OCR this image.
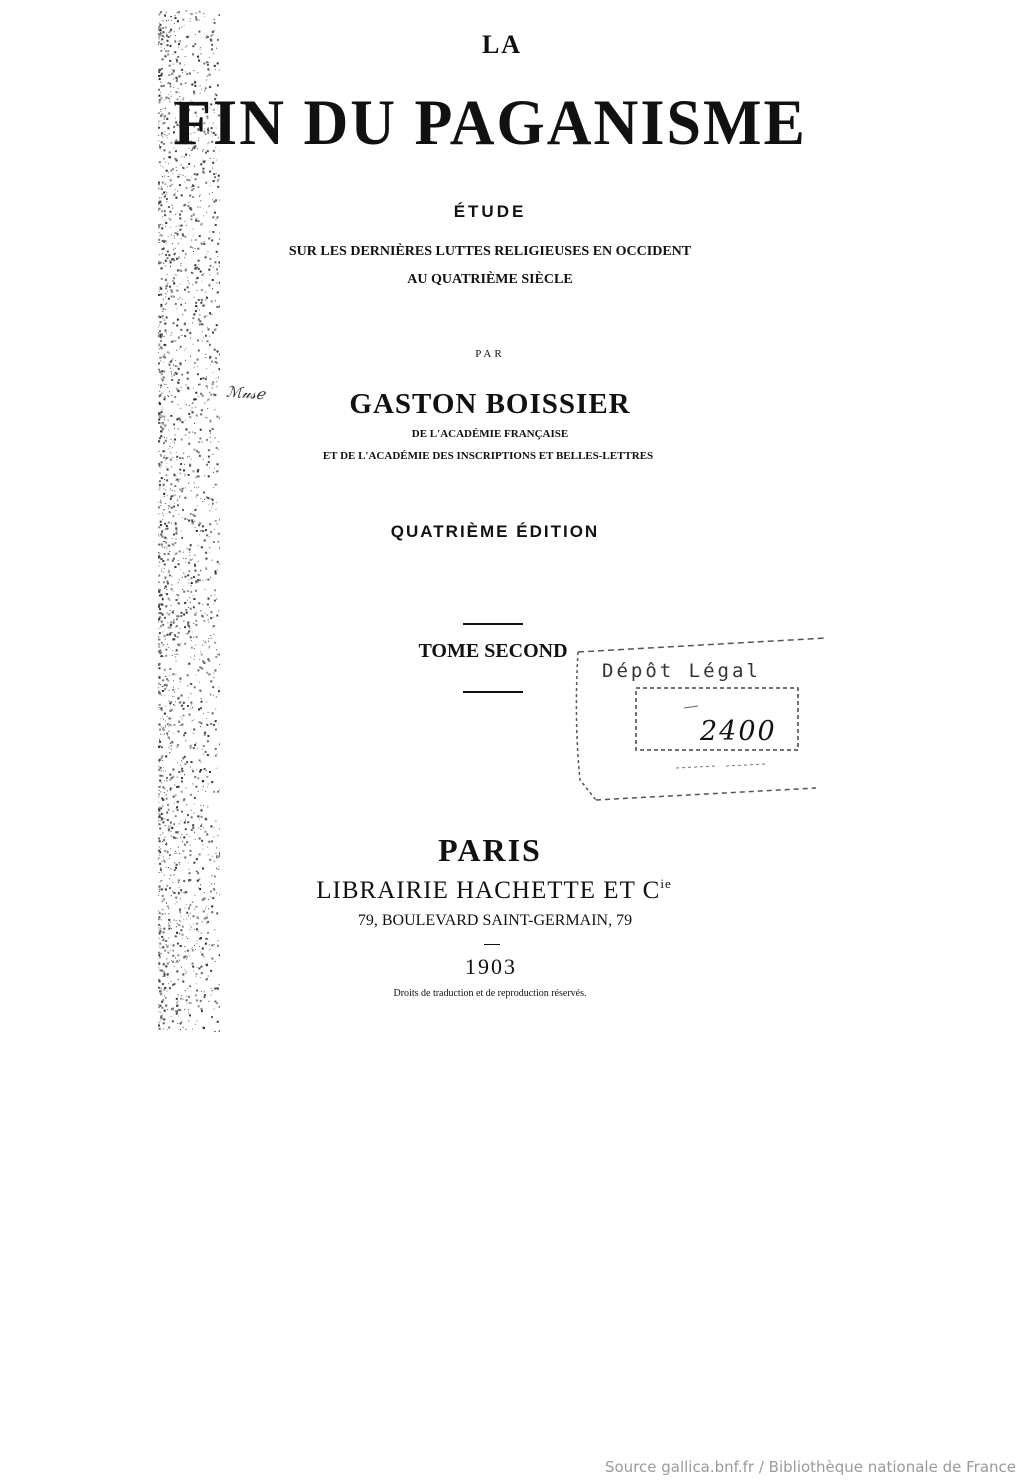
LA
FIN DU PAGANISME
ÉTUDE
SUR LES DERNIÈRES LUTTES RELIGIEUSES EN OCCIDENT
AU QUATRIÈME SIÈCLE
PAR
ℳ𝓊𝓈ℯ	GASTON BOISSIER
DE L'ACADÉMIE FRANÇAISE
ET DE L'ACADÉMIE DES INSCRIPTIONS ET BELLES-LETTRES
QUATRIÈME ÉDITION
TOME SECOND
Dépôt Légal
2400
PARIS
LIBRAIRIE HACHETTE ET $C^{ie}$
79, BOULEVARD SAINT-GERMAIN, 79
1903
Droits de traduction et de reproduction réservés.
Source gallica.bnf.fr / Bibliothèque nationale de France
